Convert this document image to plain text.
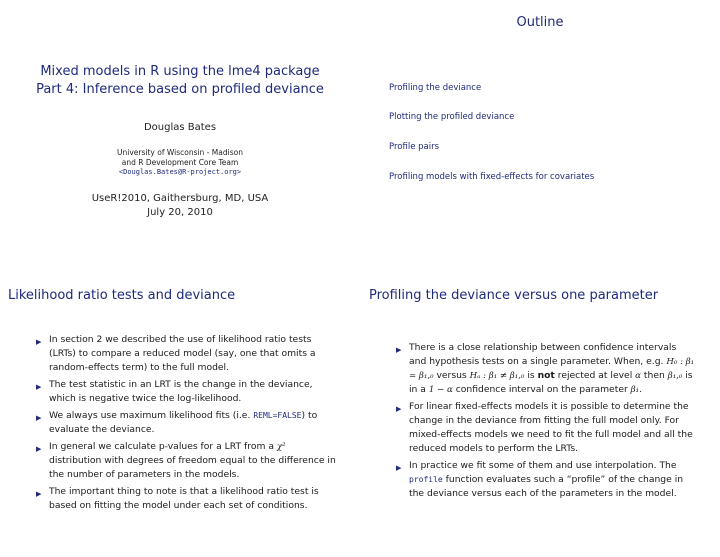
Mixed models in R using the lme4 package
Part 4: Inference based on profiled deviance
Douglas Bates
University of Wisconsin - Madison
and R Development Core Team
<Douglas.Bates@R-project.org>
UseR!2010, Gaithersburg, MD, USA
July 20, 2010
Outline
Profiling the deviance
Plotting the profiled deviance
Profile pairs
Profiling models with fixed-effects for covariates
Likelihood ratio tests and deviance
▶ In section 2 we described the use of likelihood ratio tests (LRTs) to compare a reduced model (say, one that omits a random-effects term) to the full model.
▶ The test statistic in an LRT is the change in the deviance, which is negative twice the log-likelihood.
▶ We always use maximum likelihood fits (i.e. REML=FALSE) to evaluate the deviance.
▶ In general we calculate p-values for a LRT from a χ² distribution with degrees of freedom equal to the difference in the number of parameters in the models.
▶ The important thing to note is that a likelihood ratio test is based on fitting the model under each set of conditions.
Profiling the deviance versus one parameter
▶ There is a close relationship between confidence intervals and hypothesis tests on a single parameter. When, e.g. H₀ : β₁ = β₁,₀ versus Hₐ : β₁ ≠ β₁,₀ is not rejected at level α then β₁,₀ is in a 1 − α confidence interval on the parameter β₁.
▶ For linear fixed-effects models it is possible to determine the change in the deviance from fitting the full model only. For mixed-effects models we need to fit the full model and all the reduced models to perform the LRTs.
▶ In practice we fit some of them and use interpolation. The profile function evaluates such a “profile” of the change in the deviance versus each of the parameters in the model.
